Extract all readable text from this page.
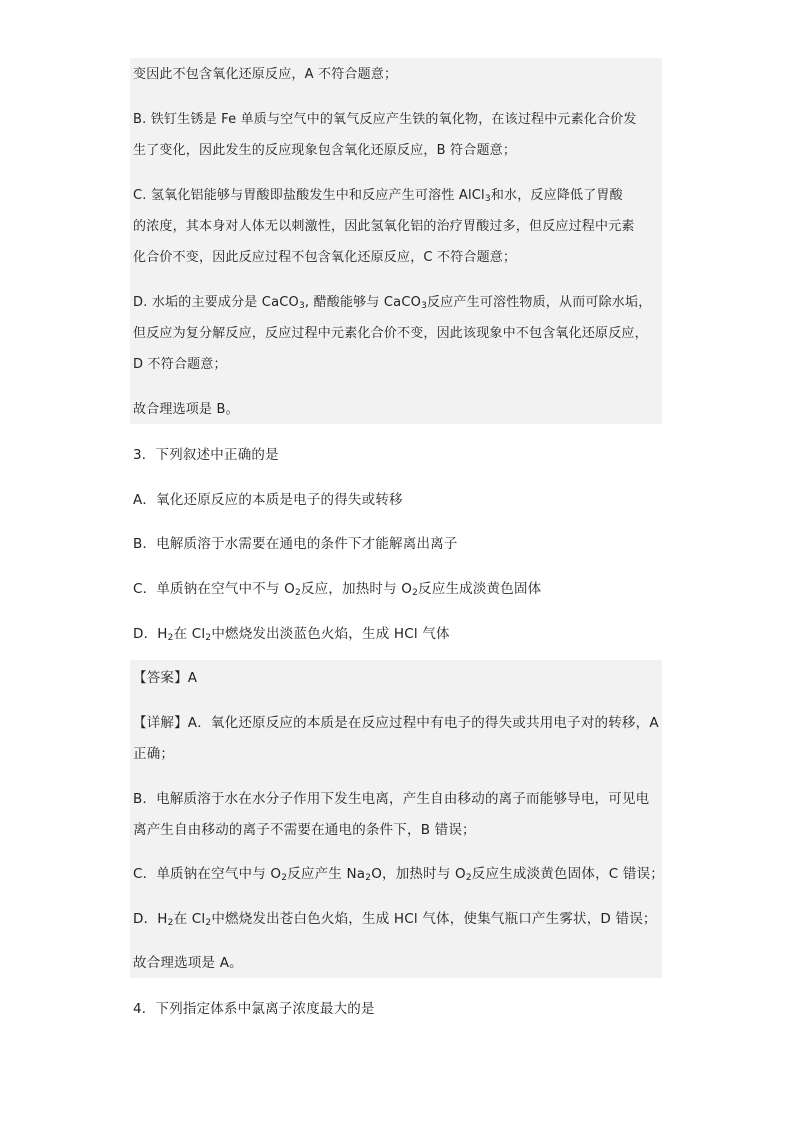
变因此不包含氧化还原反应，A 不符合题意；
B. 铁钉生锈是 Fe 单质与空气中的氧气反应产生铁的氧化物，在该过程中元素化合价发
生了变化，因此发生的反应现象包含氧化还原反应，B 符合题意；
C. 氢氧化铝能够与胃酸即盐酸发生中和反应产生可溶性 AlCl$_3$和水，反应降低了胃酸
的浓度，其本身对人体无以刺激性，因此氢氧化铝的治疗胃酸过多，但反应过程中元素
化合价不变，因此反应过程不包含氧化还原反应，C 不符合题意；
D. 水垢的主要成分是 CaCO$_3$, 醋酸能够与 CaCO$_3$反应产生可溶性物质，从而可除水垢，
但反应为复分解反应，反应过程中元素化合价不变，因此该现象中不包含氧化还原反应，
D 不符合题意；
故合理选项是 B。
3．下列叙述中正确的是
A．氧化还原反应的本质是电子的得失或转移
B．电解质溶于水需要在通电的条件下才能解离出离子
C．单质钠在空气中不与 $O_2$反应，加热时与 $O_2$反应生成淡黄色固体
D．$H_2$在 $Cl_2$中燃烧发出淡蓝色火焰，生成 HCl 气体
【答案】A
【详解】A．氧化还原反应的本质是在反应过程中有电子的得失或共用电子对的转移，A
正确；
B．电解质溶于水在水分子作用下发生电离，产生自由移动的离子而能够导电，可见电
离产生自由移动的离子不需要在通电的条件下，B 错误；
C．单质钠在空气中与 $O_2$反应产生 $Na_2O$，加热时与 $O_2$反应生成淡黄色固体，C 错误；
D．$H_2$在 $Cl_2$中燃烧发出苍白色火焰，生成 HCl 气体，使集气瓶口产生雾状，D 错误；
故合理选项是 A。
4．下列指定体系中氯离子浓度最大的是
